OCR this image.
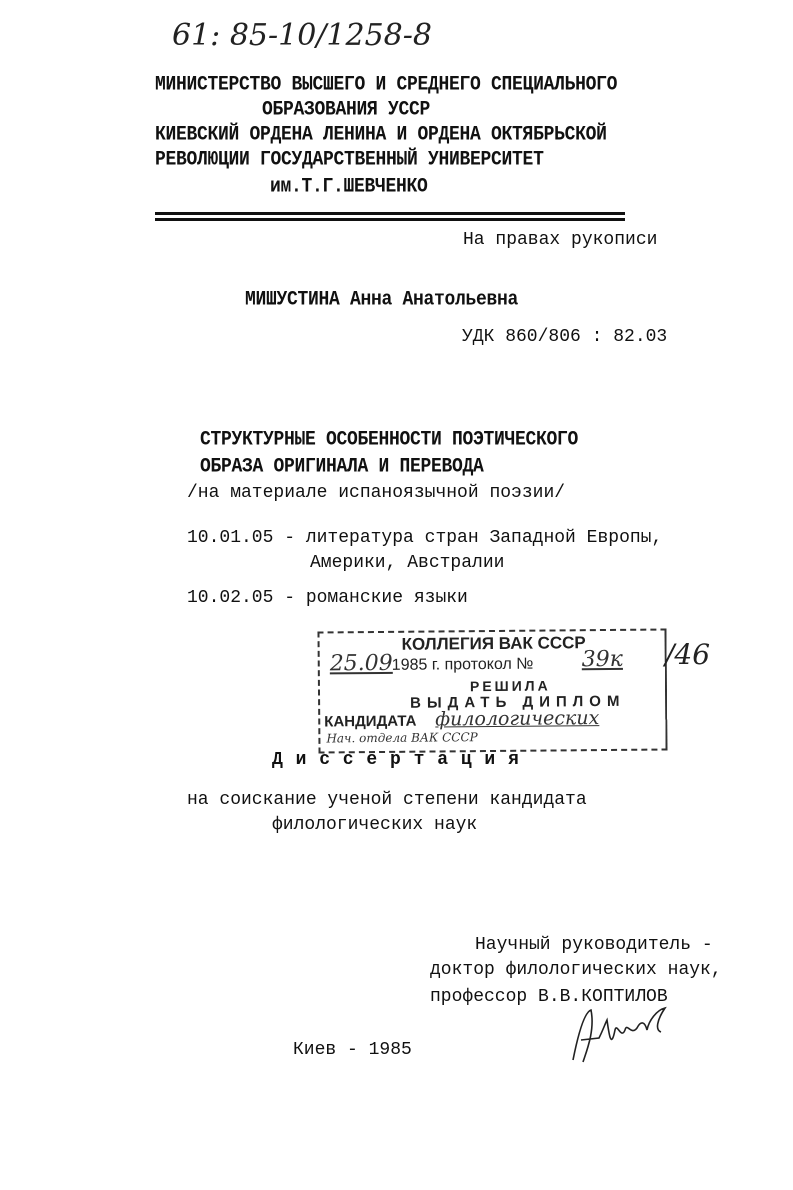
61: 85-10/1258-8
МИНИСТЕРСТВО ВЫСШЕГО И СРЕДНЕГО СПЕЦИАЛЬНОГО
ОБРАЗОВАНИЯ УССР
КИЕВСКИЙ ОРДЕНА ЛЕНИНА И ОРДЕНА ОКТЯБРЬСКОЙ
РЕВОЛЮЦИИ ГОСУДАРСТВЕННЫЙ УНИВЕРСИТЕТ
им.Т.Г.ШЕВЧЕНКО
На правах рукописи
МИШУСТИНА Анна Анатольевна
УДК 860/806 : 82.03
СТРУКТУРНЫЕ ОСОБЕННОСТИ ПОЭТИЧЕСКОГО
ОБРАЗА ОРИГИНАЛА И ПЕРЕВОДА
/на материале испаноязычной поэзии/
10.01.05 - литература стран Западной Европы,
Америки, Австралии
10.02.05 - романские языки
КОЛЛЕГИЯ ВАК СССР
25.09
1985 г. протокол № 39к
РЕШИЛА
ВЫДАТЬ ДИПЛОМ
КАНДИДАТА филологических
Нач. отдела ВАК СССР
/46
Д и с с е р т а ц и я
на соискание ученой степени кандидата
филологических наук
Научный руководитель -
доктор филологических наук,
профессор В.В.КОПТИЛОВ
Киев - 1985
